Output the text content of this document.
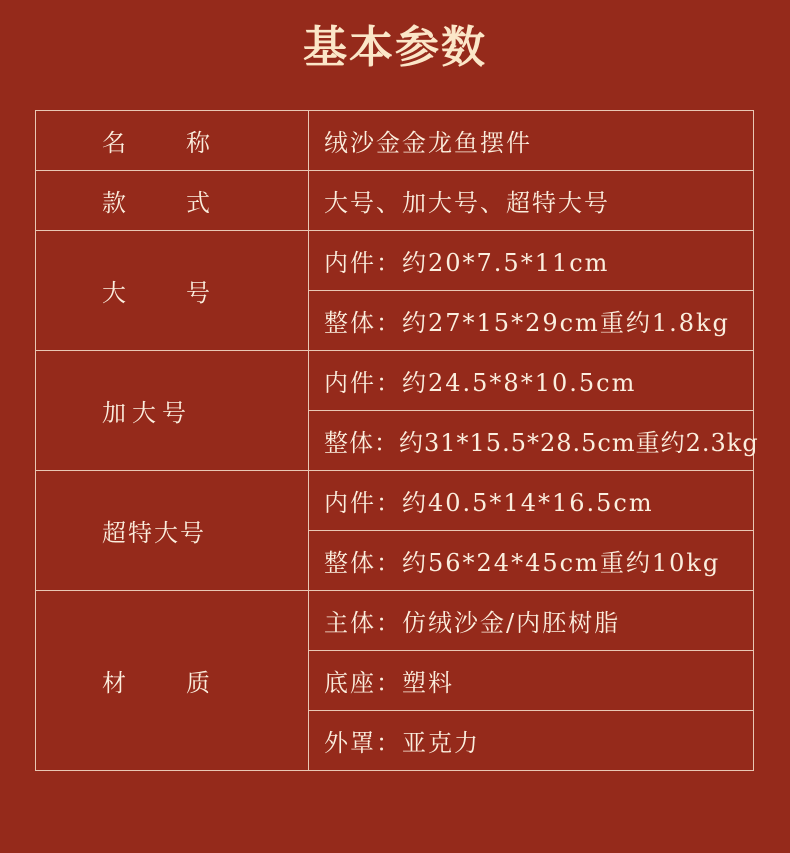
基本参数
名　称	绒沙金金龙鱼摆件
款　式	大号、加大号、超特大号
大　号	内件：约20*7.5*11cm
	整体：约27*15*29cm重约1.8kg
加大号	内件：约24.5*8*10.5cm
	整体：约31*15.5*28.5cm重约2.3kg
超特大号	内件：约40.5*14*16.5cm
	整体：约56*24*45cm重约10kg
材　质	主体：仿绒沙金/内胚树脂
	底座：塑料
	外罩：亚克力
